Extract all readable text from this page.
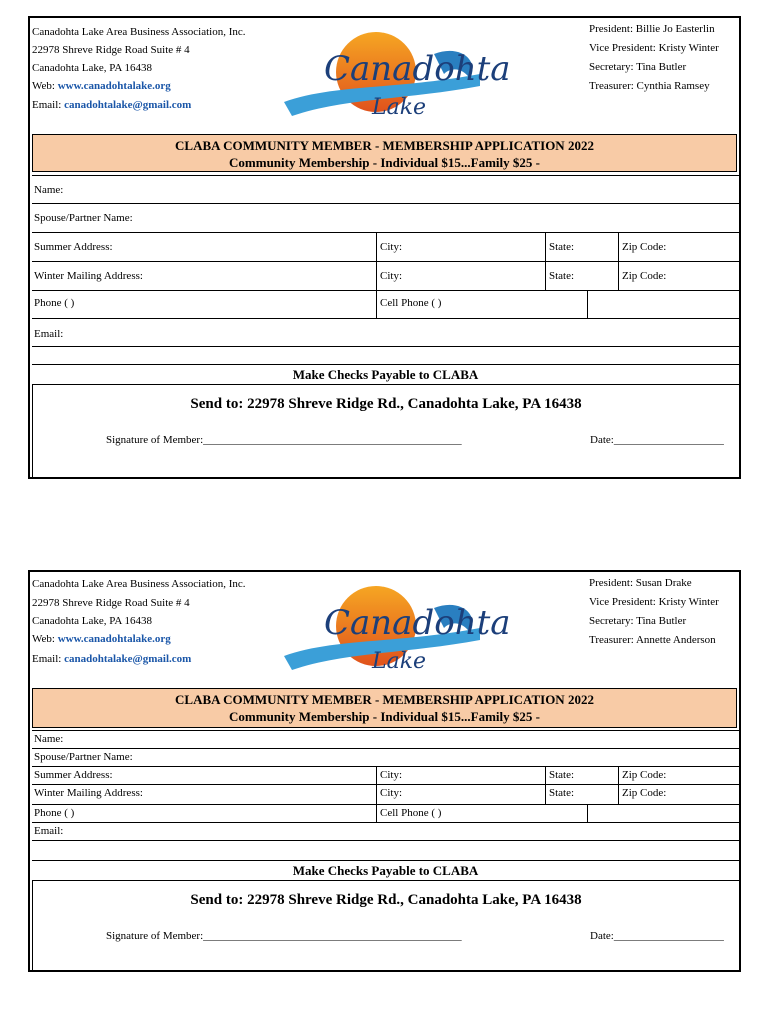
Canadohta Lake Area Business Association, Inc.
22978 Shreve Ridge Road Suite # 4
Canadohta Lake, PA 16438
Web: www.canadohtalake.org
Email: canadohtalake@gmail.com
Canadohta
Lake
President: Billie Jo Easterlin
Vice President: Kristy Winter
Secretary: Tina Butler
Treasurer: Cynthia Ramsey
CLABA COMMUNITY MEMBER - MEMBERSHIP APPLICATION 2022
Community Membership - Individual $15...Family $25 -
Name:
Spouse/Partner Name:
Summer Address:	City:	State:	Zip Code:
Winter Mailing Address:	City:	State:	Zip Code:
Phone ( )	Cell Phone ( )
Email:
Make Checks Payable to CLABA
Send to: 22978 Shreve Ridge Rd., Canadohta Lake, PA 16438
Signature of Member:_______________________________________________	Date:____________________
Canadohta Lake Area Business Association, Inc.
22978 Shreve Ridge Road Suite # 4
Canadohta Lake, PA 16438
Web: www.canadohtalake.org
Email: canadohtalake@gmail.com
Canadohta
Lake
President: Susan Drake
Vice President: Kristy Winter
Secretary: Tina Butler
Treasurer: Annette Anderson
CLABA COMMUNITY MEMBER - MEMBERSHIP APPLICATION 2022
Community Membership - Individual $15...Family $25 -
Name:
Spouse/Partner Name:
Summer Address:	City:	State:	Zip Code:
Winter Mailing Address:	City:	State:	Zip Code:
Phone ( )	Cell Phone ( )
Email:
Make Checks Payable to CLABA
Send to: 22978 Shreve Ridge Rd., Canadohta Lake, PA 16438
Signature of Member:_______________________________________________	Date:____________________
